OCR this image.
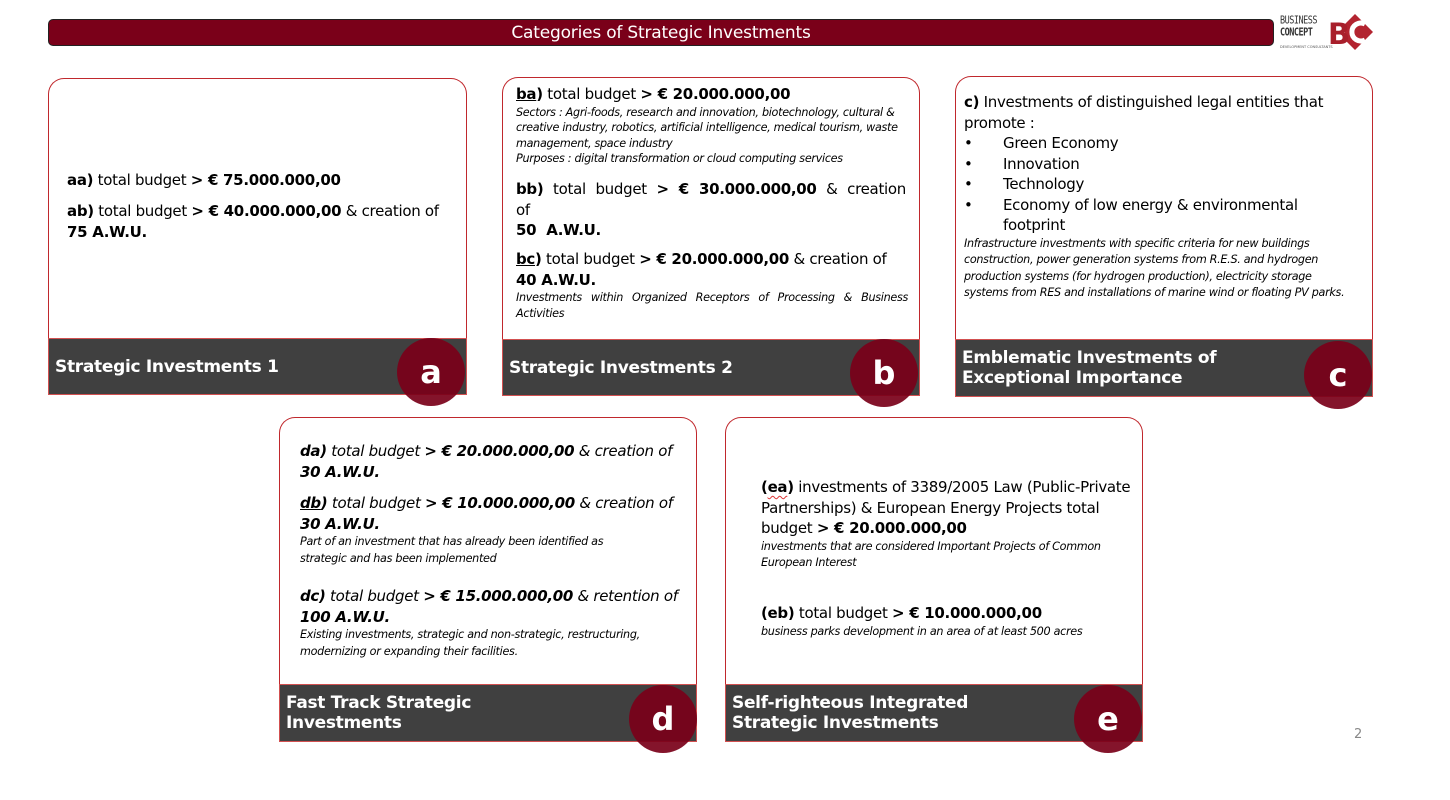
Categories of Strategic Investments
BUSINESS
CONCEPT
DEVELOPMENT CONSULTANTS
B
aa) total budget > € 75.000.000,00
ab) total budget > € 40.000.000,00 & creation of
75 A.W.U.
Strategic Investments 1	a
ba) total budget > € 20.000.000,00
Sectors : Agri-foods, research and innovation, biotechnology, cultural & creative industry, robotics, artificial intelligence, medical tourism, waste management, space industry
Purposes : digital transformation or cloud computing services
bb) total budget > € 30.000.000,00 & creation of
50 A.W.U.
bc) total budget > € 20.000.000,00 & creation of 40 A.W.U.
Investments within Organized Receptors of Processing & Business Activities
Strategic Investments 2	b
c) Investments of distinguished legal entities that promote :
• Green Economy
• Innovation
• Technology
• Economy of low energy & environmental footprint
Infrastructure investments with specific criteria for new buildings construction, power generation systems from R.E.S. and hydrogen production systems (for hydrogen production), electricity storage systems from RES and installations of marine wind or floating PV parks.
Emblematic Investments of
Exceptional Importance	c
da) total budget > € 20.000.000,00 & creation of
30 A.W.U.
db) total budget > € 10.000.000,00 & creation of
30 A.W.U.
Part of an investment that has already been identified as strategic and has been implemented
dc) total budget > € 15.000.000,00 & retention of
100 A.W.U.
Existing investments, strategic and non-strategic, restructuring, modernizing or expanding their facilities.
Fast Track Strategic
Investments	d
(ea) investments of 3389/2005 Law (Public-Private Partnerships) & European Energy Projects total budget > € 20.000.000,00
investments that are considered Important Projects of Common European Interest
(eb) total budget > € 10.000.000,00
business parks development in an area of at least 500 acres
Self-righteous Integrated
Strategic Investments	e	2
